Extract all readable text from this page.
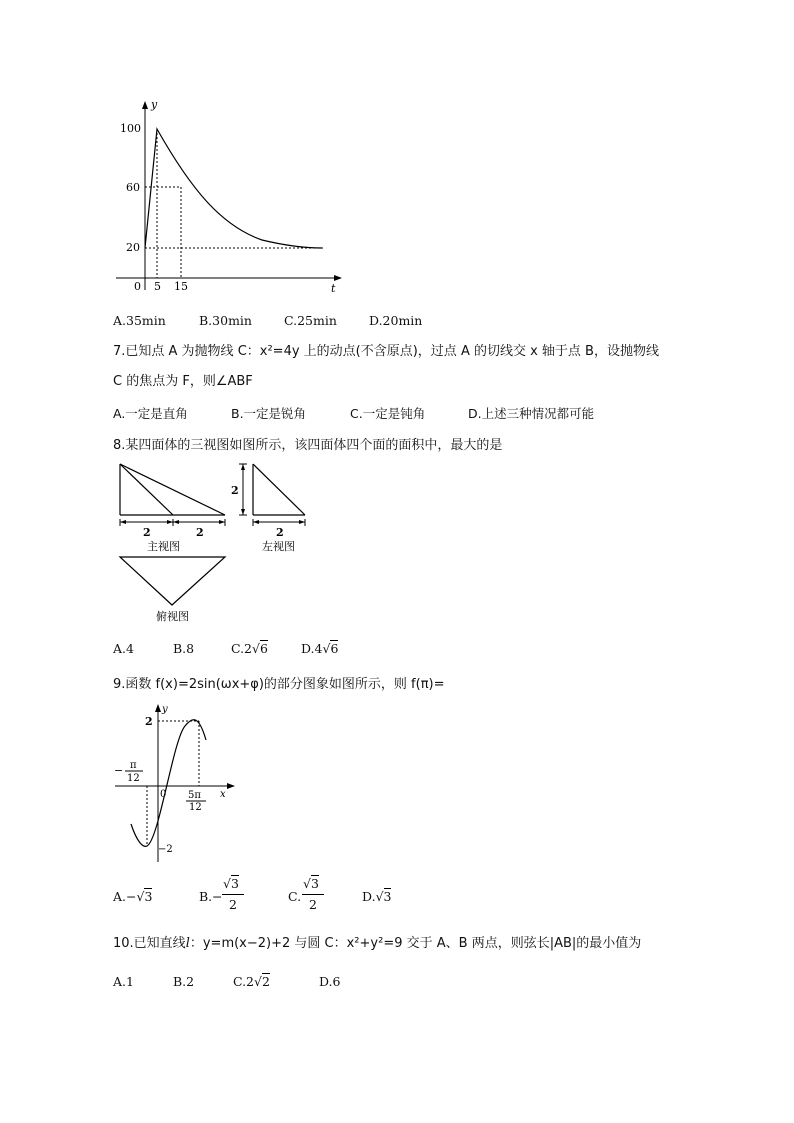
y
t
0
100
60
20
5 15
A.35min	B.30min	C.25min	D.20min
7.已知点 A 为抛物线 C：x²=4y 上的动点(不含原点)，过点 A 的切线交 x 轴于点 B，设抛物线
C 的焦点为 F，则∠ABF
A.一定是直角	B.一定是锐角	C.一定是钝角	D.上述三种情况都可能
8.某四面体的三视图如图所示，该四面体四个面的面积中，最大的是
2	2
主视图
2
2
左视图
俯视图
A.4	B.8	C.2√6	D.4√6
9.函数 f(x)=2sin(ωx+φ)的部分图象如图所示，则 f(π)=
y
x
0
2
−2
− π
12
5π
12
A.−√3	B. −
√3
2
C.
√3
2
D.√3
10.已知直线l：y=m(x−2)+2 与圆 C：x²+y²=9 交于 A、B 两点，则弦长|AB|的最小值为
A.1	B.2	C.2√2	D.6
